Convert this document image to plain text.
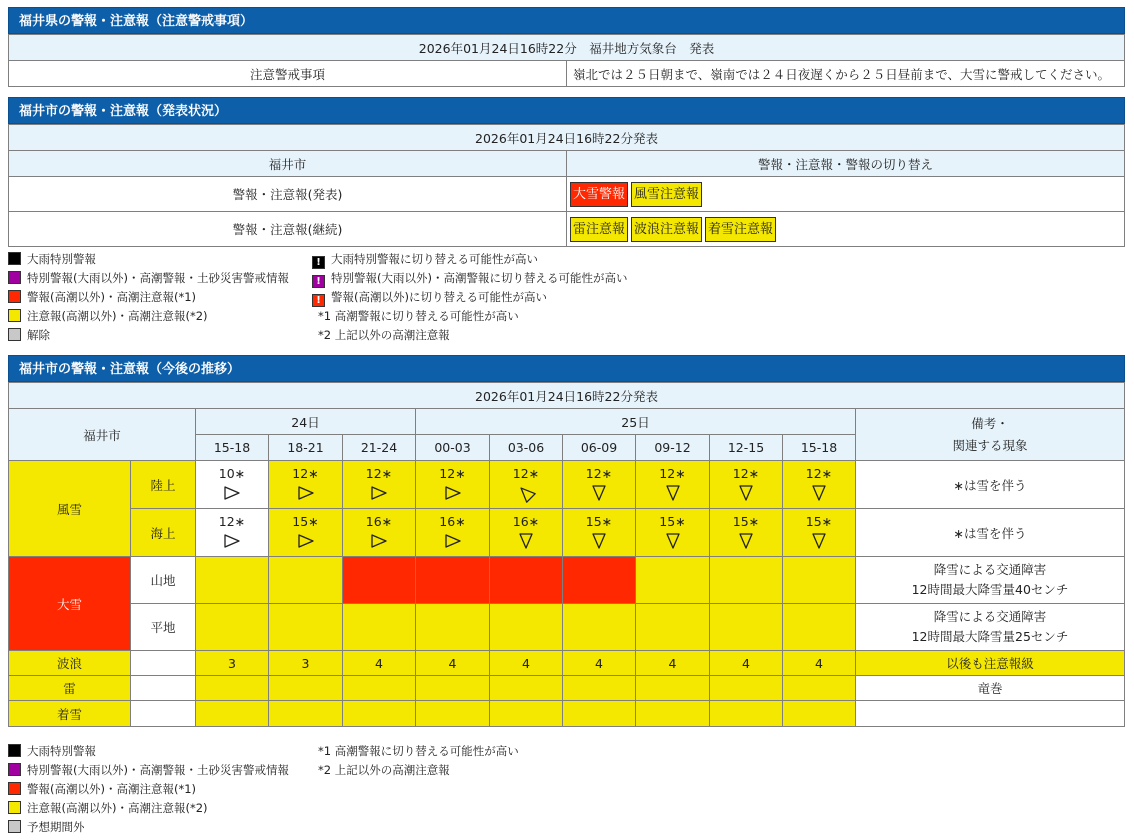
福井県の警報・注意報（注意警戒事項）
2026年01月24日16時22分　福井地方気象台　発表
注意警戒事項	嶺北では２５日朝まで、嶺南では２４日夜遅くから２５日昼前まで、大雪に警戒してください。
福井市の警報・注意報（発表状況）
2026年01月24日16時22分発表	
福井市	警報・注意報・警報の切り替え
警報・注意報(発表)	大雪警報 風雪注意報
警報・注意報(継続)	雷注意報 波浪注意報 着雪注意報
大雨特別警報
特別警報(大雨以外)・高潮警報・土砂災害警戒情報
警報(高潮以外)・高潮注意報(*1)
注意報(高潮以外)・高潮注意報(*2)
解除
! 大雨特別警報に切り替える可能性が高い
! 特別警報(大雨以外)・高潮警報に切り替える可能性が高い
! 警報(高潮以外)に切り替える可能性が高い
*1 高潮警報に切り替える可能性が高い
*2 上記以外の高潮注意報
福井市の警報・注意報（今後の推移）
2026年01月24日16時22分発表											
福井市		24日			25日						備考・
関連する現象

		15-18	18-21	21-24	00-03	03-06	06-09	09-12	12-15	15-18	
風雪	陸上	10∗	12∗	12∗	12∗	12∗	12∗	12∗	12∗	12∗	∗は雪を伴う
	海上	12∗	15∗	16∗	16∗	16∗	15∗	15∗	15∗	15∗	∗は雪を伴う
大雪	山地										降雪による交通障害
12時間最大降雪量40センチ

	平地										降雪による交通障害
12時間最大降雪量25センチ

波浪		3	3	4	4	4	4	4	4	4	以後も注意報級
雷											竜巻
着雪											
大雨特別警報
特別警報(大雨以外)・高潮警報・土砂災害警戒情報
警報(高潮以外)・高潮注意報(*1)
注意報(高潮以外)・高潮注意報(*2)
予想期間外
*1 高潮警報に切り替える可能性が高い
*2 上記以外の高潮注意報
